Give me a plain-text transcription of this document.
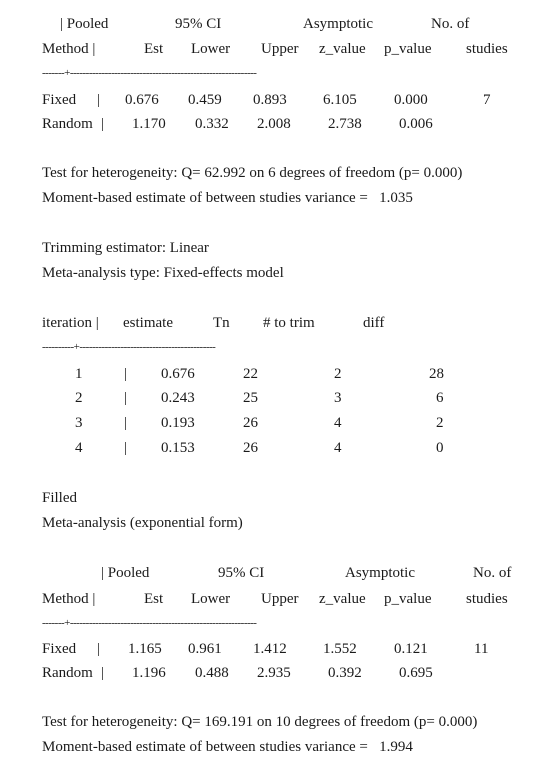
| Pooled	95% CI	Asymptotic	No. of
Method |	Est Lower Upper z_value p_value studies
-------+-----------------------------------------------------------
Fixed | 0.676 0.459 0.893 6.105 0.000	7
Random | 1.170 0.332 2.008 2.738 0.006
Test for heterogeneity: Q= 62.992 on 6 degrees of freedom (p= 0.000)
Moment-based estimate of between studies variance =   1.035
Trimming estimator: Linear
Meta-analysis type: Fixed-effects model
iteration | estimate	Tn # to trim	diff
----------+-------------------------------------------
1	| 0.676	22	2	28
2	| 0.243	25	3	6
3	| 0.193	26	4	2
4	| 0.153	26	4	0
Filled
Meta-analysis (exponential form)
| Pooled	95% CI	Asymptotic	No. of
Method |	Est Lower Upper z_value p_value studies
-------+-----------------------------------------------------------
Fixed | 1.165 0.961 1.412 1.552 0.121	11
Random | 1.196 0.488 2.935 0.392 0.695
Test for heterogeneity: Q= 169.191 on 10 degrees of freedom (p= 0.000)
Moment-based estimate of between studies variance =   1.994
